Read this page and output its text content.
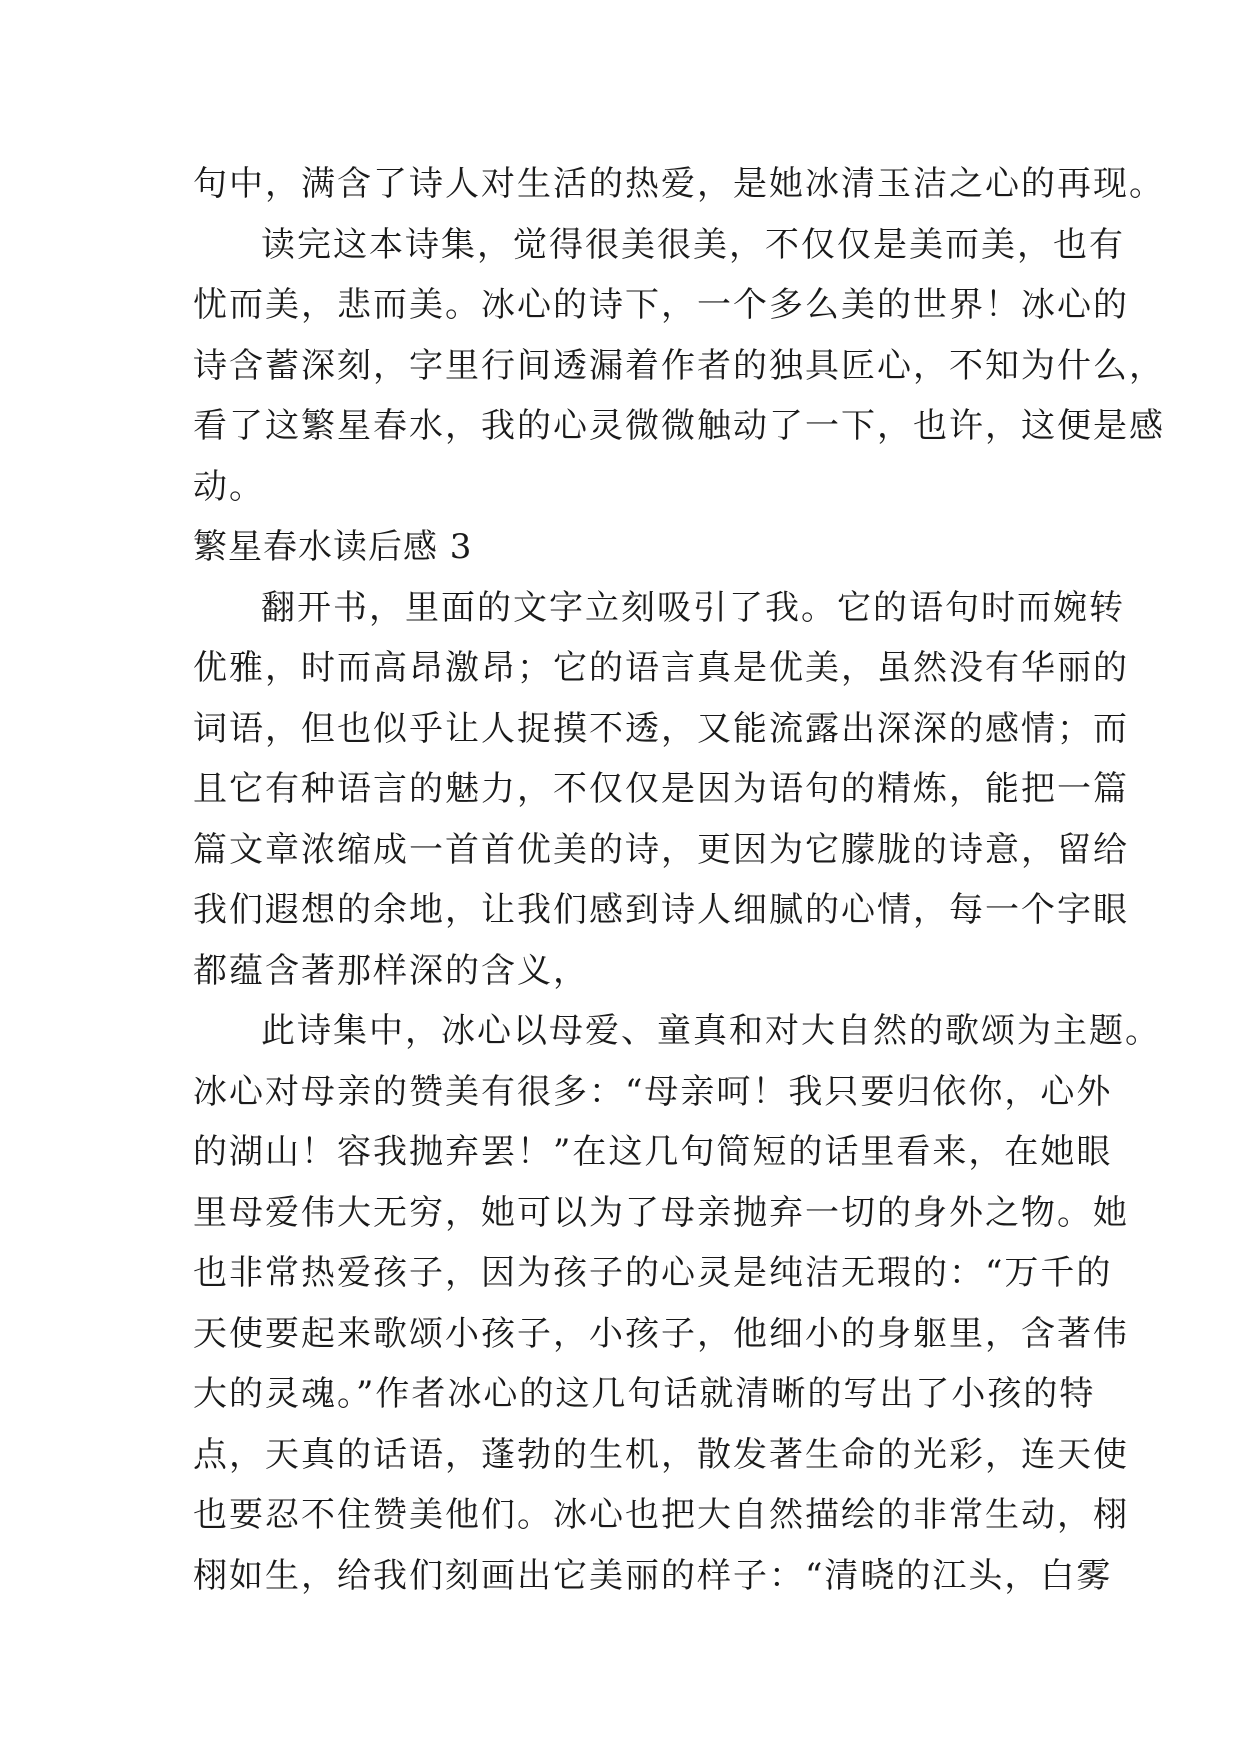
句中，满含了诗人对生活的热爱，是她冰清玉洁之心的再现。
读完这本诗集，觉得很美很美，不仅仅是美而美，也有
忧而美，悲而美。冰心的诗下，一个多么美的世界！冰心的
诗含蓄深刻，字里行间透漏着作者的独具匠心，不知为什么，
看了这繁星春水，我的心灵微微触动了一下，也许，这便是感
动。
繁星春水读后感 3
翻开书，里面的文字立刻吸引了我。它的语句时而婉转
优雅，时而高昂激昂；它的语言真是优美，虽然没有华丽的
词语，但也似乎让人捉摸不透，又能流露出深深的感情；而
且它有种语言的魅力，不仅仅是因为语句的精炼，能把一篇
篇文章浓缩成一首首优美的诗，更因为它朦胧的诗意，留给
我们遐想的余地，让我们感到诗人细腻的心情，每一个字眼
都蕴含著那样深的含义，
此诗集中，冰心以母爱、童真和对大自然的歌颂为主题。
冰心对母亲的赞美有很多：“母亲呵！我只要归依你，心外
的湖山！容我抛弃罢！”在这几句简短的话里看来，在她眼
里母爱伟大无穷，她可以为了母亲抛弃一切的身外之物。她
也非常热爱孩子，因为孩子的心灵是纯洁无瑕的：“万千的
天使要起来歌颂小孩子，小孩子，他细小的身躯里，含著伟
大的灵魂。”作者冰心的这几句话就清晰的写出了小孩的特
点，天真的话语，蓬勃的生机，散发著生命的光彩，连天使
也要忍不住赞美他们。冰心也把大自然描绘的非常生动，栩
栩如生，给我们刻画出它美丽的样子：“清晓的江头，白雾
